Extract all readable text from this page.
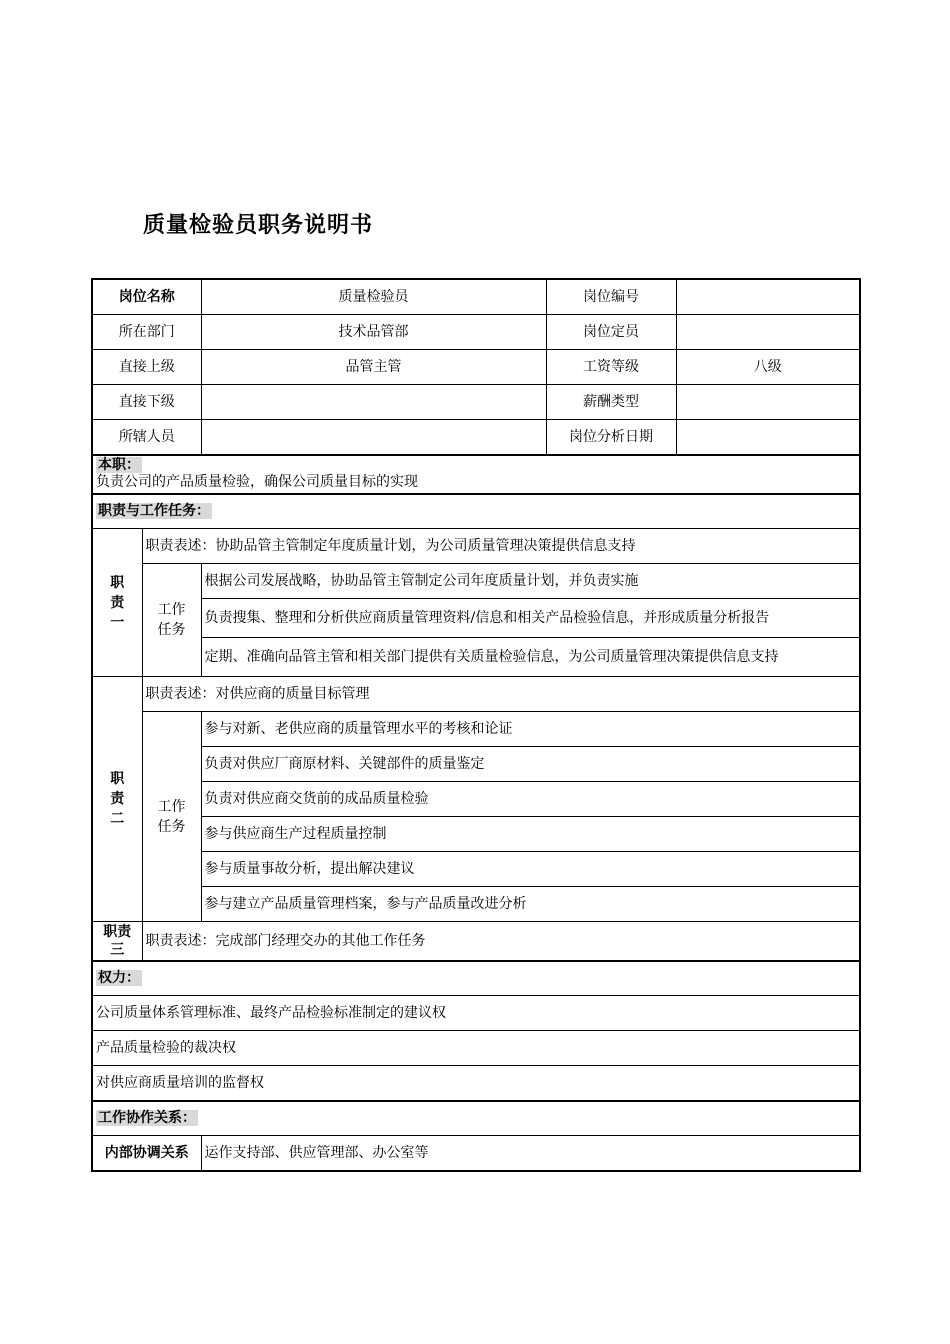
质量检验员职务说明书
岗位名称		质量检验员	岗位编号	
所在部门		技术品管部	岗位定员	
直接上级		品管主管	工资等级	八级
直接下级			薪酬类型	
所辖人员			岗位分析日期	

本职：
负责公司的产品质量检验，确保公司质量目标的实现				

职责与工作任务：				

职责一	职责表述：协助品管主管制定年度质量计划，为公司质量管理决策提供信息支持			

	工作任务	根据公司发展战略，协助品管主管制定公司年度质量计划，并负责实施		
		负责搜集、整理和分析供应商质量管理资料/信息和相关产品检验信息，并形成质量分析报告		
		定期、准确向品管主管和相关部门提供有关质量检验信息，为公司质量管理决策提供信息支持		

职责二	职责表述：对供应商的质量目标管理			

	工作任务	参与对新、老供应商的质量管理水平的考核和论证		
		负责对供应厂商原材料、关键部件的质量鉴定		
		负责对供应商交货前的成品质量检验		
		参与供应商生产过程质量控制		
		参与质量事故分析，提出解决建议		
		参与建立产品质量管理档案，参与产品质量改进分析		

职责三	职责表述：完成部门经理交办的其他工作任务			
权力：				
公司质量体系管理标准、最终产品检验标准制定的建议权				
产品质量检验的裁决权				
对供应商质量培训的监督权				
工作协作关系：				
内部协调关系		运作支持部、供应管理部、办公室等		
